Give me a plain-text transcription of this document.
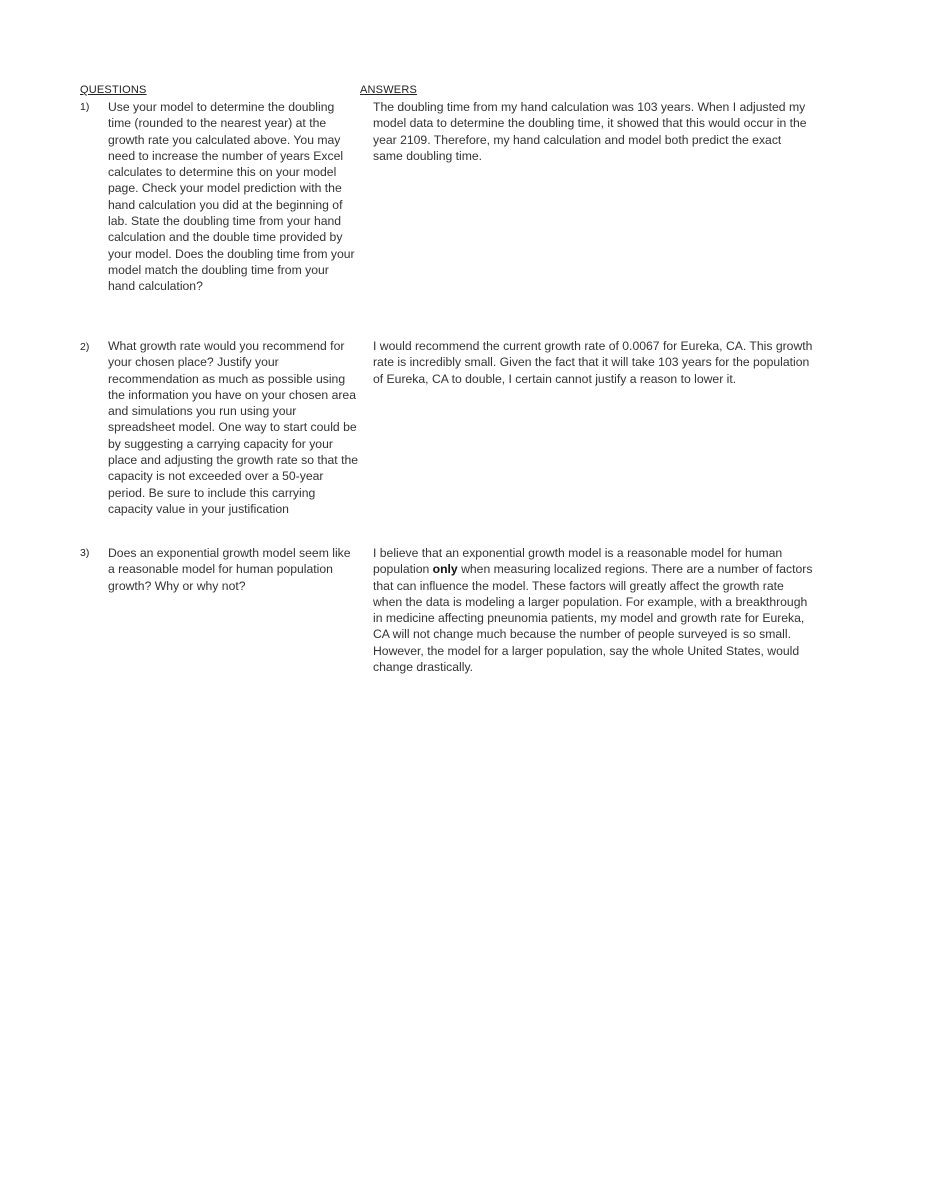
QUESTIONS	ANSWERS
1) Use your model to determine the doubling time (rounded to the nearest year) at the growth rate you calculated above. You may need to increase the number of years Excel calculates to determine this on your model page. Check your model prediction with the hand calculation you did at the beginning of lab. State the doubling time from your hand calculation and the double time provided by your model. Does the doubling time from your model match the doubling time from your hand calculation?
The doubling time from my hand calculation was 103 years. When I adjusted my model data to determine the doubling time, it showed that this would occur in the year 2109. Therefore, my hand calculation and model both predict the exact same doubling time.
2) What growth rate would you recommend for your chosen place? Justify your recommendation as much as possible using the information you have on your chosen area and simulations you run using your spreadsheet model. One way to start could be by suggesting a carrying capacity for your place and adjusting the growth rate so that the capacity is not exceeded over a 50-year period. Be sure to include this carrying capacity value in your justification
I would recommend the current growth rate of 0.0067 for Eureka, CA. This growth rate is incredibly small. Given the fact that it will take 103 years for the population of Eureka, CA to double, I certain cannot justify a reason to lower it.
3) Does an exponential growth model seem like a reasonable model for human population growth? Why or why not?
I believe that an exponential growth model is a reasonable model for human population only when measuring localized regions. There are a number of factors that can influence the model. These factors will greatly affect the growth rate when the data is modeling a larger population. For example, with a breakthrough in medicine affecting pneunomia patients, my model and growth rate for Eureka, CA will not change much because the number of people surveyed is so small. However, the model for a larger population, say the whole United States, would change drastically.
